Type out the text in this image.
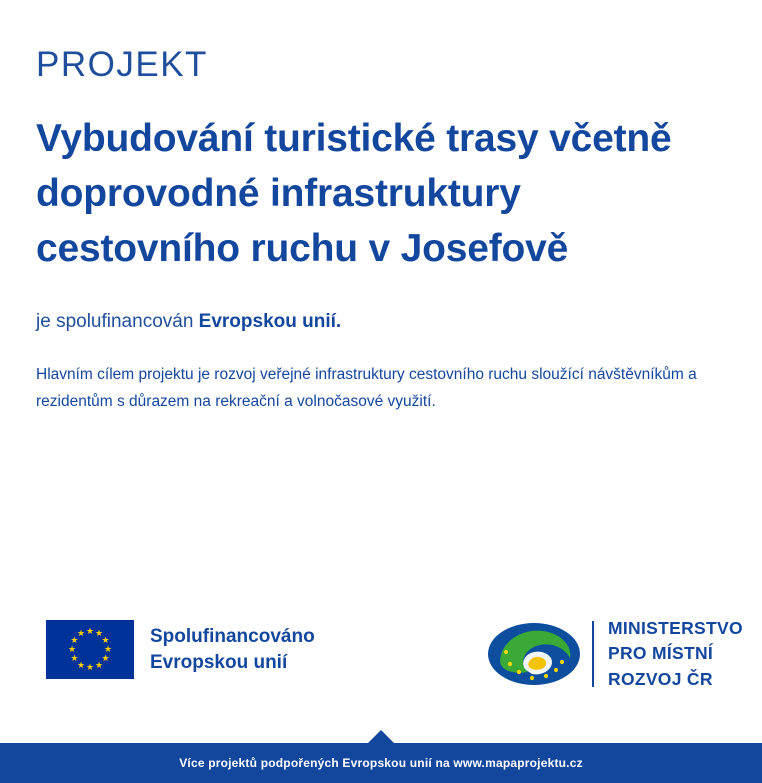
PROJEKT
Vybudování turistické trasy včetně doprovodné infrastruktury cestovního ruchu v Josefově
je spolufinancován Evropskou unií.

Hlavním cílem projektu je rozvoj veřejné infrastruktury cestovního ruchu sloužící návštěvníkům a rezidentům s důrazem na rekreační a volnočasové využití.

★ ★
★
★
★
★
★
★
★
★
★
★	Spolufinancováno
Evropskou unií
MINISTERSTVO
PRO MÍSTNÍ
ROZVOJ ČR
Více projektů podpořených Evropskou unií na www.mapaprojektu.cz
